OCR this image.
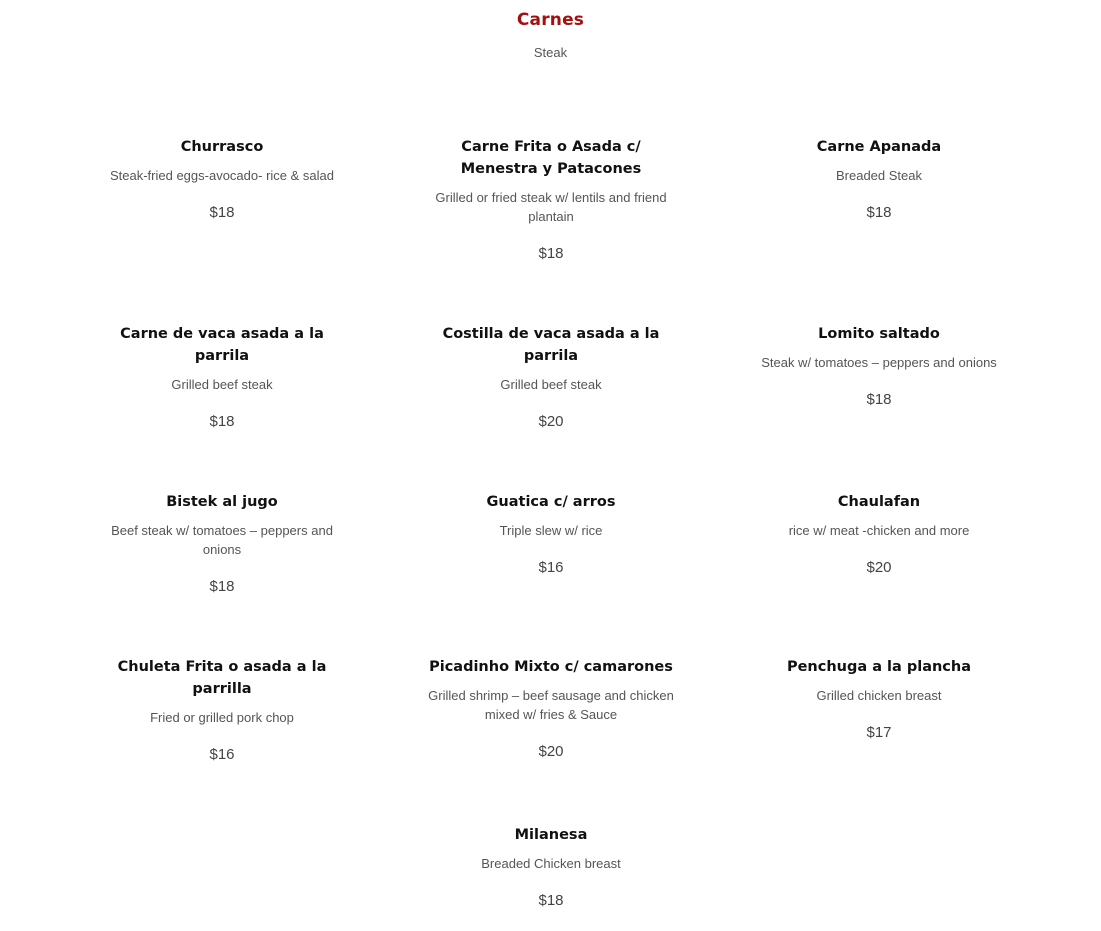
Carnes
Steak
Churrasco
Steak-fried eggs-avocado- rice & salad
$18
Carne Frita o Asada c/ Menestra y Patacones
Grilled or fried steak w/ lentils and friend plantain
$18
Carne Apanada
Breaded Steak
$18
Carne de vaca asada a la parrila
Grilled beef steak
$18
Costilla de vaca asada a la parrila
Grilled beef steak
$20
Lomito saltado
Steak w/ tomatoes – peppers and onions
$18
Bistek al jugo
Beef steak w/ tomatoes – peppers and onions
$18
Guatica c/ arros
Triple slew w/ rice
$16
Chaulafan
rice w/ meat -chicken and more
$20
Chuleta Frita o asada a la parrilla
Fried or grilled pork chop
$16
Picadinho Mixto c/ camarones
Grilled shrimp – beef sausage and chicken mixed w/ fries & Sauce
$20
Penchuga a la plancha
Grilled chicken breast
$17
Milanesa
Breaded Chicken breast
$18
